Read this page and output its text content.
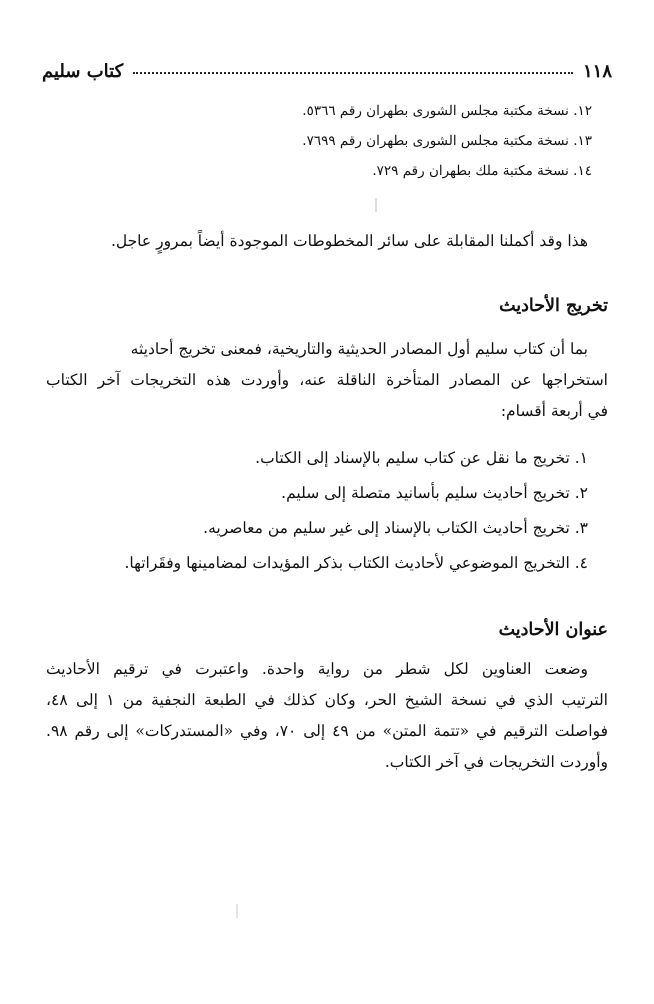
١١٨
كتاب سليم
١٢. نسخة مكتبة مجلس الشورى بطهران رقم ٥٣٦٦.
١٣. نسخة مكتبة مجلس الشورى بطهران رقم ٧٦٩٩.
١٤. نسخة مكتبة ملك بطهران رقم ٧٢٩.
هذا وقد أكملنا المقابلة على سائر المخطوطات الموجودة أيضاً بمرورٍ عاجل.
تخريج الأحاديث
بما أن كتاب سليم أول المصادر الحديثية والتاريخية، فمعنى تخريج أحاديثه
استخراجها عن المصادر المتأخرة الناقلة عنه، وأوردت هذه التخريجات آخر الكتاب
في أربعة أقسام:
١. تخريج ما نقل عن كتاب سليم بالإسناد إلى الكتاب.
٢. تخريج أحاديث سليم بأسانيد متصلة إلى سليم.
٣. تخريج أحاديث الكتاب بالإسناد إلى غير سليم من معاصريه.
٤. التخريج الموضوعي لأحاديث الكتاب بذكر المؤيدات لمضامينها وفقَراتها.
عنوان الأحاديث
وضعت العناوين لكل شطر من رواية واحدة. واعتبرت في ترقيم الأحاديث
الترتيب الذي في نسخة الشيخ الحر، وكان كذلك في الطبعة النجفية من ١ إلى ٤٨،
فواصلت الترقيم في «تتمة المتن» من ٤٩ إلى ٧٠، وفي «المستدركات» إلى رقم ٩٨.
وأوردت التخريجات في آخر الكتاب.
